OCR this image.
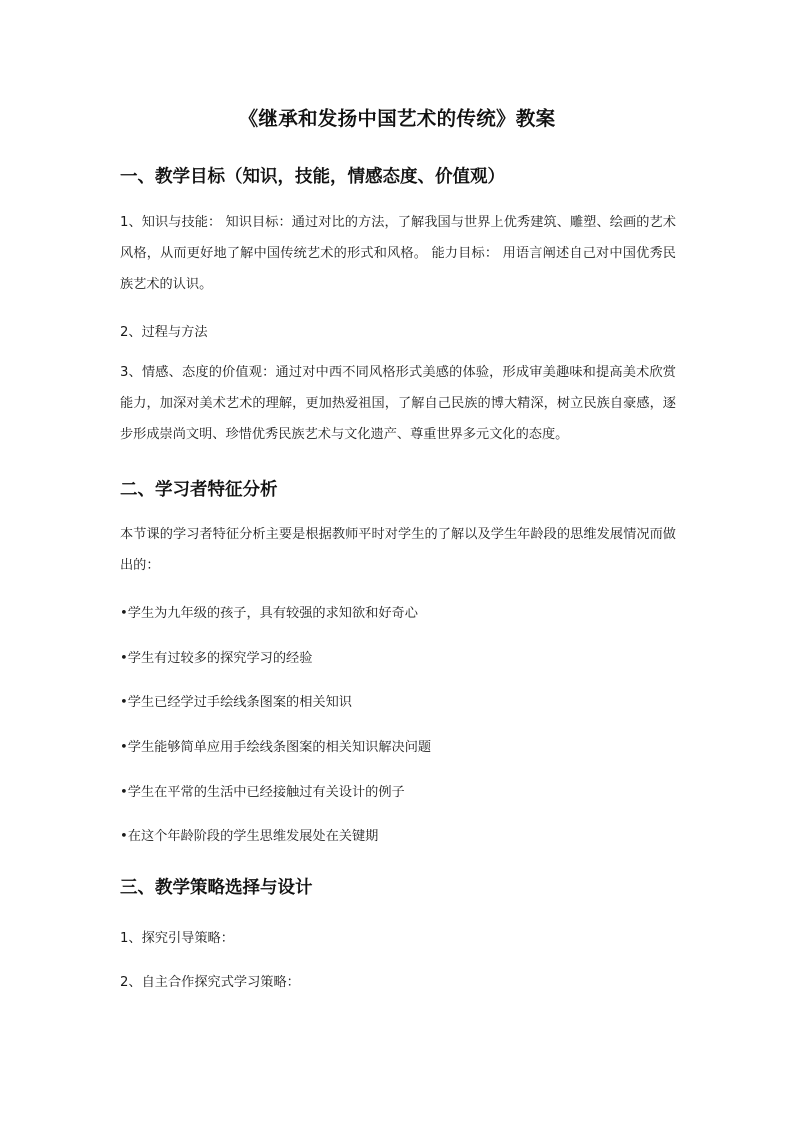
《继承和发扬中国艺术的传统》教案
一、教学目标（知识，技能，情感态度、价值观）
1、知识与技能： 知识目标：通过对比的方法，了解我国与世界上优秀建筑、雕塑、绘画的艺术风格，从而更好地了解中国传统艺术的形式和风格。 能力目标： 用语言阐述自己对中国优秀民族艺术的认识。
2、过程与方法
3、情感、态度的价值观：通过对中西不同风格形式美感的体验，形成审美趣味和提高美术欣赏能力，加深对美术艺术的理解，更加热爱祖国，了解自己民族的博大精深，树立民族自豪感，逐步形成崇尚文明、珍惜优秀民族艺术与文化遗产、尊重世界多元文化的态度。
二、学习者特征分析
本节课的学习者特征分析主要是根据教师平时对学生的了解以及学生年龄段的思维发展情况而做出的：
•学生为九年级的孩子，具有较强的求知欲和好奇心
•学生有过较多的探究学习的经验
•学生已经学过手绘线条图案的相关知识
•学生能够简单应用手绘线条图案的相关知识解决问题
•学生在平常的生活中已经接触过有关设计的例子
•在这个年龄阶段的学生思维发展处在关键期
三、教学策略选择与设计
1、探究引导策略：
2、自主合作探究式学习策略：
